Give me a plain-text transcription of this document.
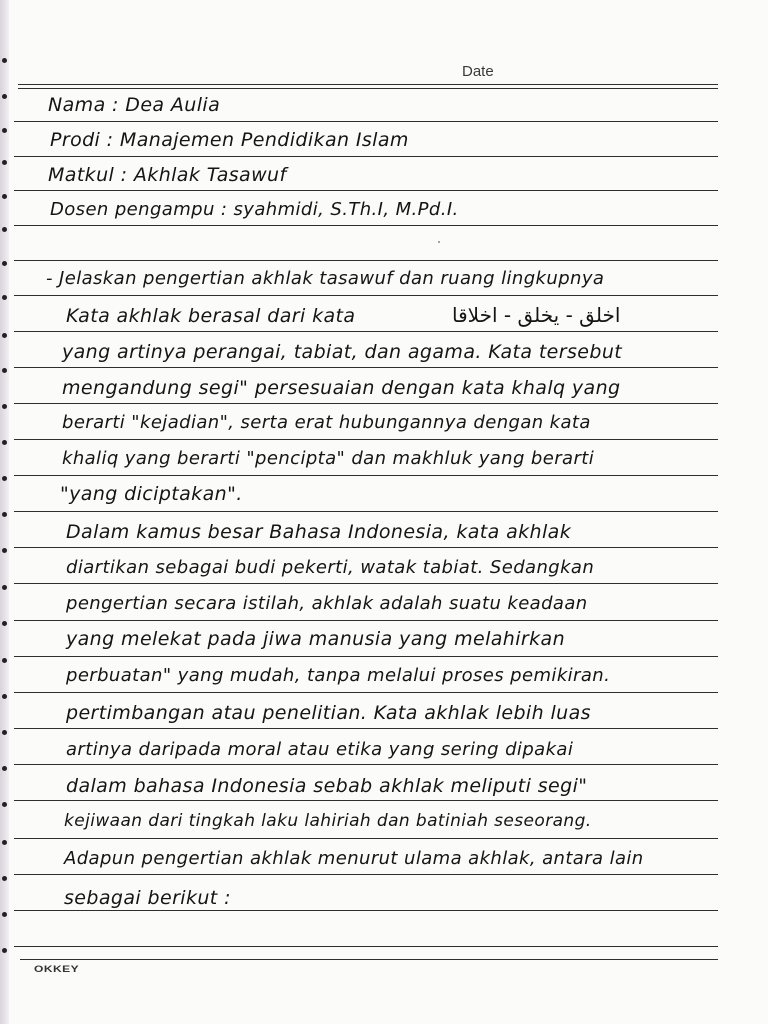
Date
Nama : Dea Aulia
Prodi : Manajemen Pendidikan Islam
Matkul : Akhlak Tasawuf
Dosen pengampu : syahmidi, S.Th.I, M.Pd.I.
- Jelaskan pengertian akhlak tasawuf dan ruang lingkupnya
Kata akhlak berasal dari kata	اخلق - يخلق - اخلاقا
yang artinya perangai, tabiat, dan agama. Kata tersebut
mengandung segi" persesuaian dengan kata khalq yang
berarti "kejadian", serta erat hubungannya dengan kata
khaliq yang berarti "pencipta" dan makhluk yang berarti
"yang diciptakan".
Dalam kamus besar Bahasa Indonesia, kata akhlak
diartikan sebagai budi pekerti, watak tabiat. Sedangkan
pengertian secara istilah, akhlak adalah suatu keadaan
yang melekat pada jiwa manusia yang melahirkan
perbuatan" yang mudah, tanpa melalui proses pemikiran.
pertimbangan atau penelitian. Kata akhlak lebih luas
artinya daripada moral atau etika yang sering dipakai
dalam bahasa Indonesia sebab akhlak meliputi segi"
kejiwaan dari tingkah laku lahiriah dan batiniah seseorang.
Adapun pengertian akhlak menurut ulama akhlak, antara lain
sebagai berikut :
OKKEY
